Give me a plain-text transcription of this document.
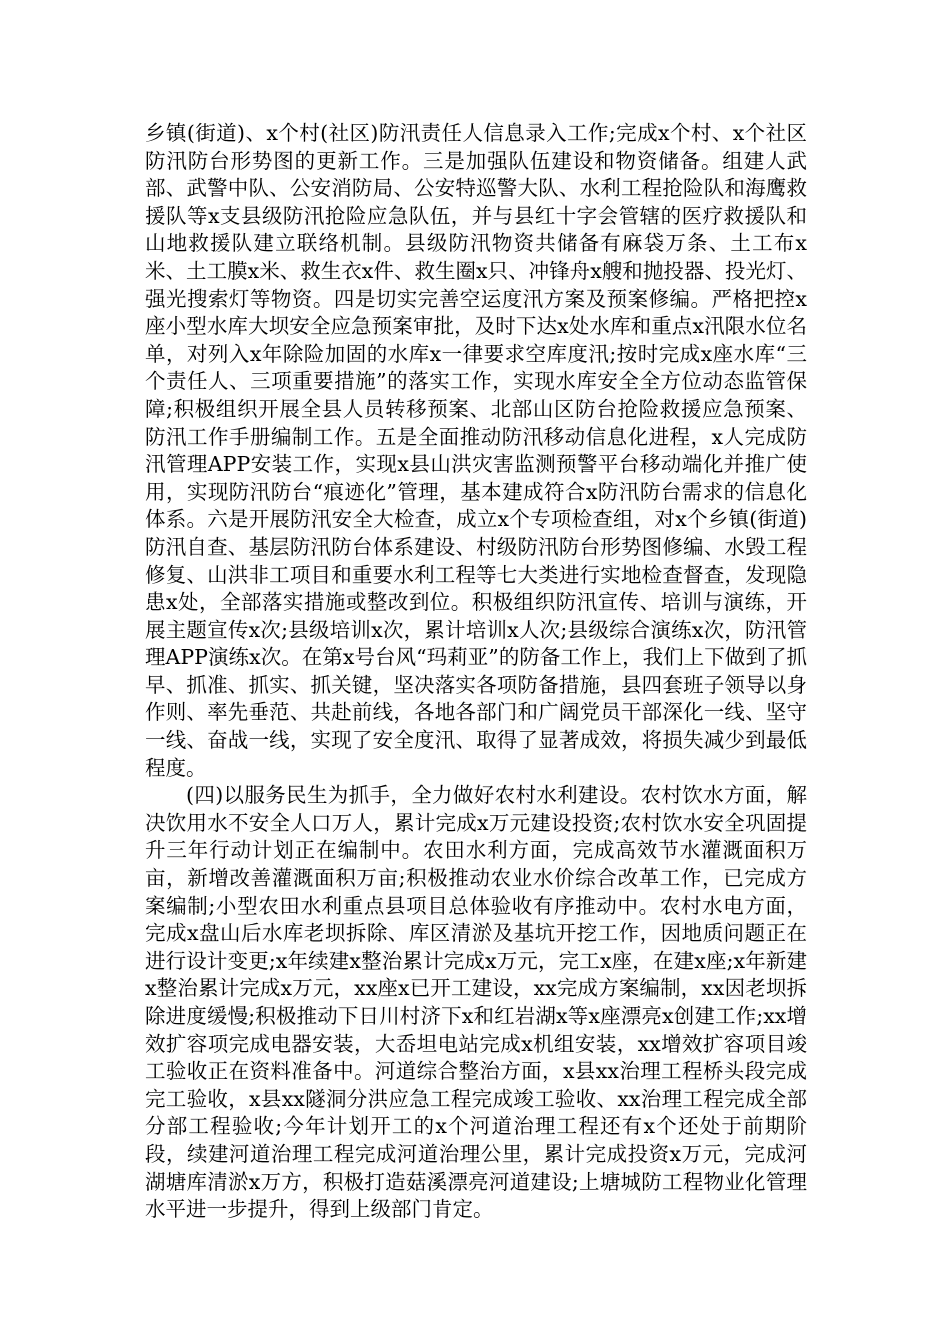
乡镇(街道)、x个村(社区)防汛责任人信息录入工作;完成x个村、x个社区防汛防台形势图的更新工作。三是加强队伍建设和物资储备。组建人武部、武警中队、公安消防局、公安特巡警大队、水利工程抢险队和海鹰救援队等x支县级防汛抢险应急队伍，并与县红十字会管辖的医疗救援队和山地救援队建立联络机制。县级防汛物资共储备有麻袋万条、土工布x米、土工膜x米、救生衣x件、救生圈x只、冲锋舟x艘和抛投器、投光灯、强光搜索灯等物资。四是切实完善空运度汛方案及预案修编。严格把控x座小型水库大坝安全应急预案审批，及时下达x处水库和重点x汛限水位名单，对列入x年除险加固的水库x一律要求空库度汛;按时完成x座水库“三个责任人、三项重要措施”的落实工作，实现水库安全全方位动态监管保障;积极组织开展全县人员转移预案、北部山区防台抢险救援应急预案、防汛工作手册编制工作。五是全面推动防汛移动信息化进程，x人完成防汛管理APP安装工作，实现x县山洪灾害监测预警平台移动端化并推广使用，实现防汛防台“痕迹化”管理，基本建成符合x防汛防台需求的信息化体系。六是开展防汛安全大检查，成立x个专项检查组，对x个乡镇(街道)防汛自查、基层防汛防台体系建设、村级防汛防台形势图修编、水毁工程修复、山洪非工项目和重要水利工程等七大类进行实地检查督查，发现隐患x处，全部落实措施或整改到位。积极组织防汛宣传、培训与演练，开展主题宣传x次;县级培训x次，累计培训x人次;县级综合演练x次，防汛管理APP演练x次。在第x号台风“玛莉亚”的防备工作上，我们上下做到了抓早、抓准、抓实、抓关键，坚决落实各项防备措施，县四套班子领导以身作则、率先垂范、共赴前线，各地各部门和广阔党员干部深化一线、坚守一线、奋战一线，实现了安全度汛、取得了显著成效，将损失减少到最低程度。

(四)以服务民生为抓手，全力做好农村水利建设。农村饮水方面，解决饮用水不安全人口万人，累计完成x万元建设投资;农村饮水安全巩固提升三年行动计划正在编制中。农田水利方面，完成高效节水灌溉面积万亩，新增改善灌溉面积万亩;积极推动农业水价综合改革工作，已完成方案编制;小型农田水利重点县项目总体验收有序推动中。农村水电方面，完成x盘山后水库老坝拆除、库区清淤及基坑开挖工作，因地质问题正在进行设计变更;x年续建x整治累计完成x万元，完工x座，在建x座;x年新建x整治累计完成x万元，xx座x已开工建设，xx完成方案编制，xx因老坝拆除进度缓慢;积极推动下日川村济下x和红岩湖x等x座漂亮x创建工作;xx增效扩容项完成电器安装，大岙坦电站完成x机组安装，xx增效扩容项目竣工验收正在资料准备中。河道综合整治方面，x县xx治理工程桥头段完成完工验收，x县xx隧洞分洪应急工程完成竣工验收、xx治理工程完成全部分部工程验收;今年计划开工的x个河道治理工程还有x个还处于前期阶段，续建河道治理工程完成河道治理公里，累计完成投资x万元，完成河湖塘库清淤x万方，积极打造菇溪漂亮河道建设;上塘城防工程物业化管理水平进一步提升，得到上级部门肯定。
